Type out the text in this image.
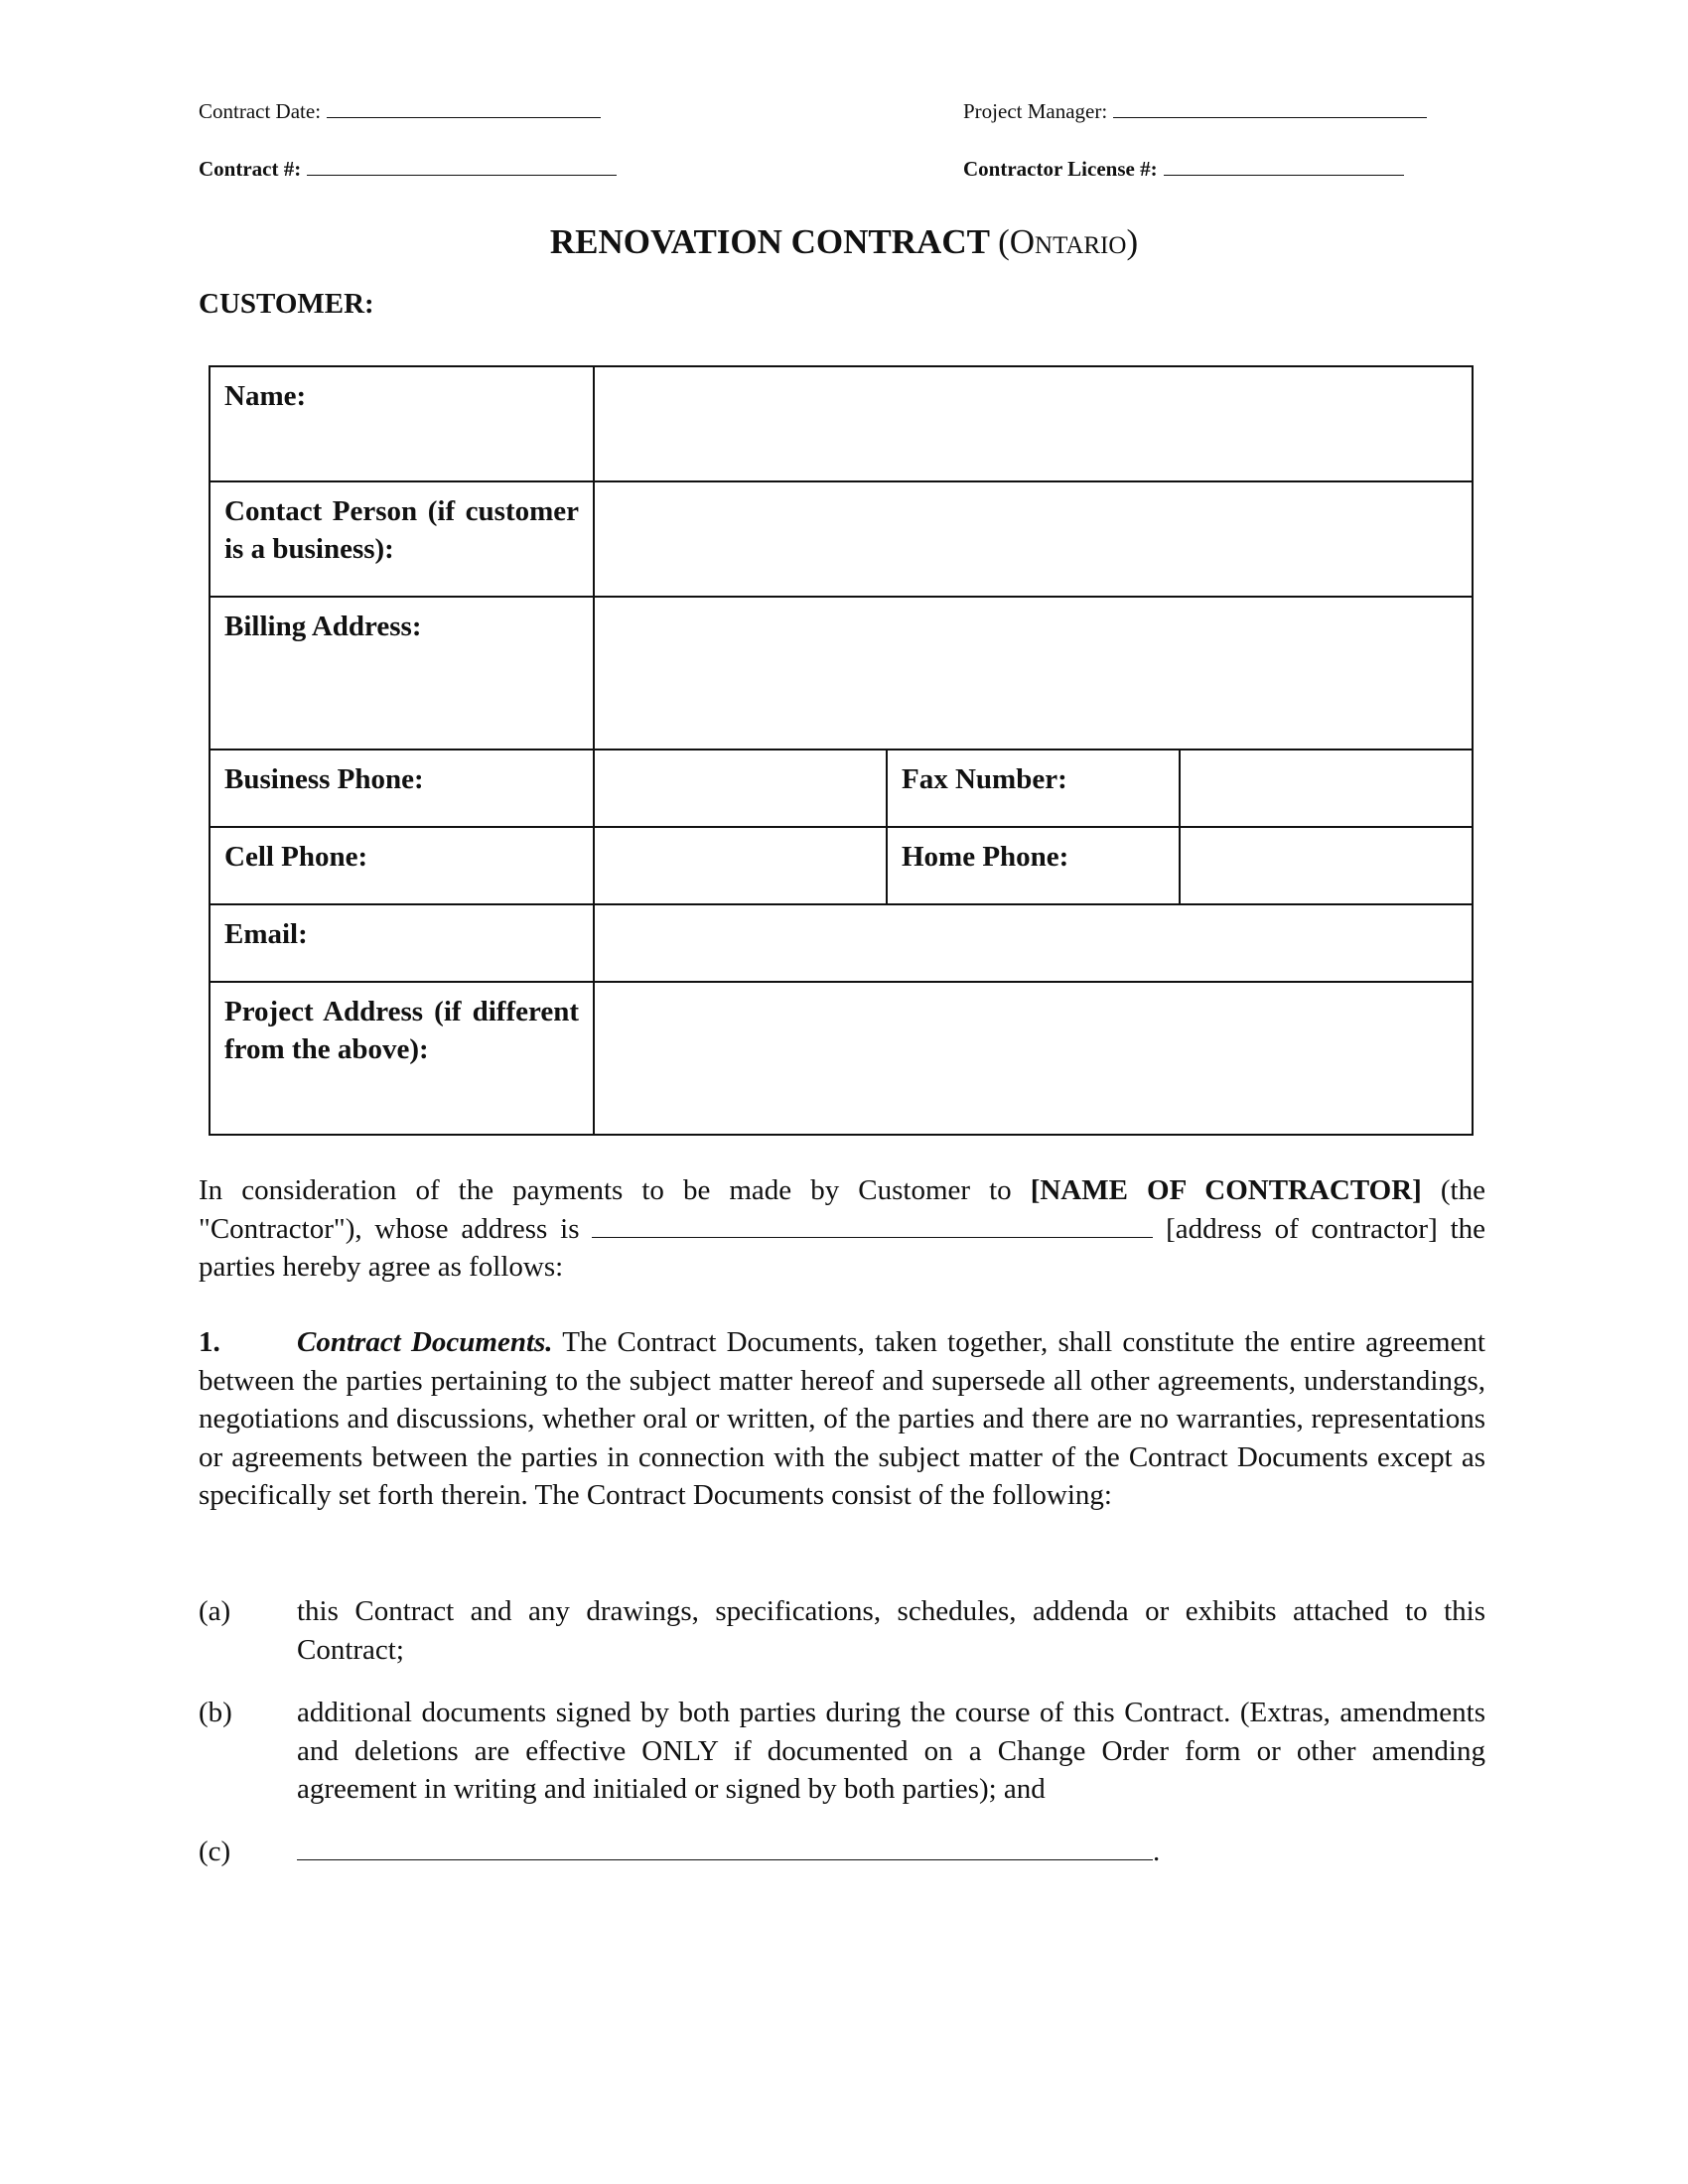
Contract Date:	Project Manager:
Contract #:	Contractor License #:
RENOVATION CONTRACT (Ontario)
CUSTOMER:
Name:			
Contact Person (if customer is a business):			
Billing Address:			
Business Phone:		Fax Number:	
Cell Phone:		Home Phone:	
Email:			
Project Address (if different from the above):			
In consideration of the payments to be made by Customer to [NAME OF CONTRACTOR] (the "Contractor"), whose address is	[address of contractor] the parties hereby agree as follows:
1.	Contract Documents. The Contract Documents, taken together, shall constitute the entire agreement between the parties pertaining to the subject matter hereof and supersede all other agreements, understandings, negotiations and discussions, whether oral or written, of the parties and there are no warranties, representations or agreements between the parties in connection with the subject matter of the Contract Documents except as specifically set forth therein. The Contract Documents consist of the following:
(a) this Contract and any drawings, specifications, schedules, addenda or exhibits attached to this Contract;
(b) additional documents signed by both parties during the course of this Contract. (Extras, amendments and deletions are effective ONLY if documented on a Change Order form or other amending agreement in writing and initialed or signed by both parties); and
(c)	.
